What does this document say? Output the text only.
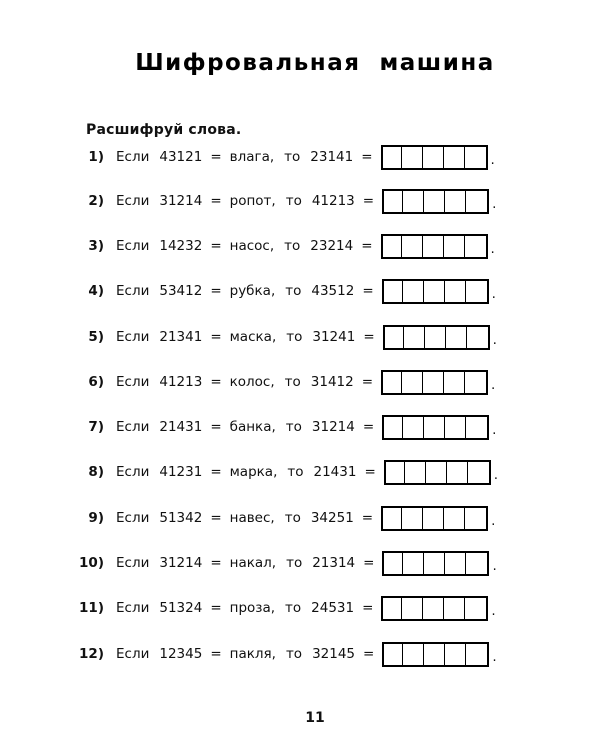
Шифровальная  машина
Расшифруй слова.
1) Если 43121 = влага , то 23141 =	.
2) Если 31214 = ропот , то 41213 =	.
3) Если 14232 = насос , то 23214 =	.
4) Если 53412 = рубка , то 43512 =	.
5) Если 21341 = маска , то 31241 =	.
6) Если 41213 = колос , то 31412 =	.
7) Если 21431 = банка , то 31214 =	.
8) Если 41231 = марка , то 21431 =	.
9) Если 51342 = навес , то 34251 =	.
10) Если 31214 = накал , то 21314 =	.
11) Если 51324 = проза , то 24531 =	.
12) Если 12345 = пакля , то 32145 =	.
11
